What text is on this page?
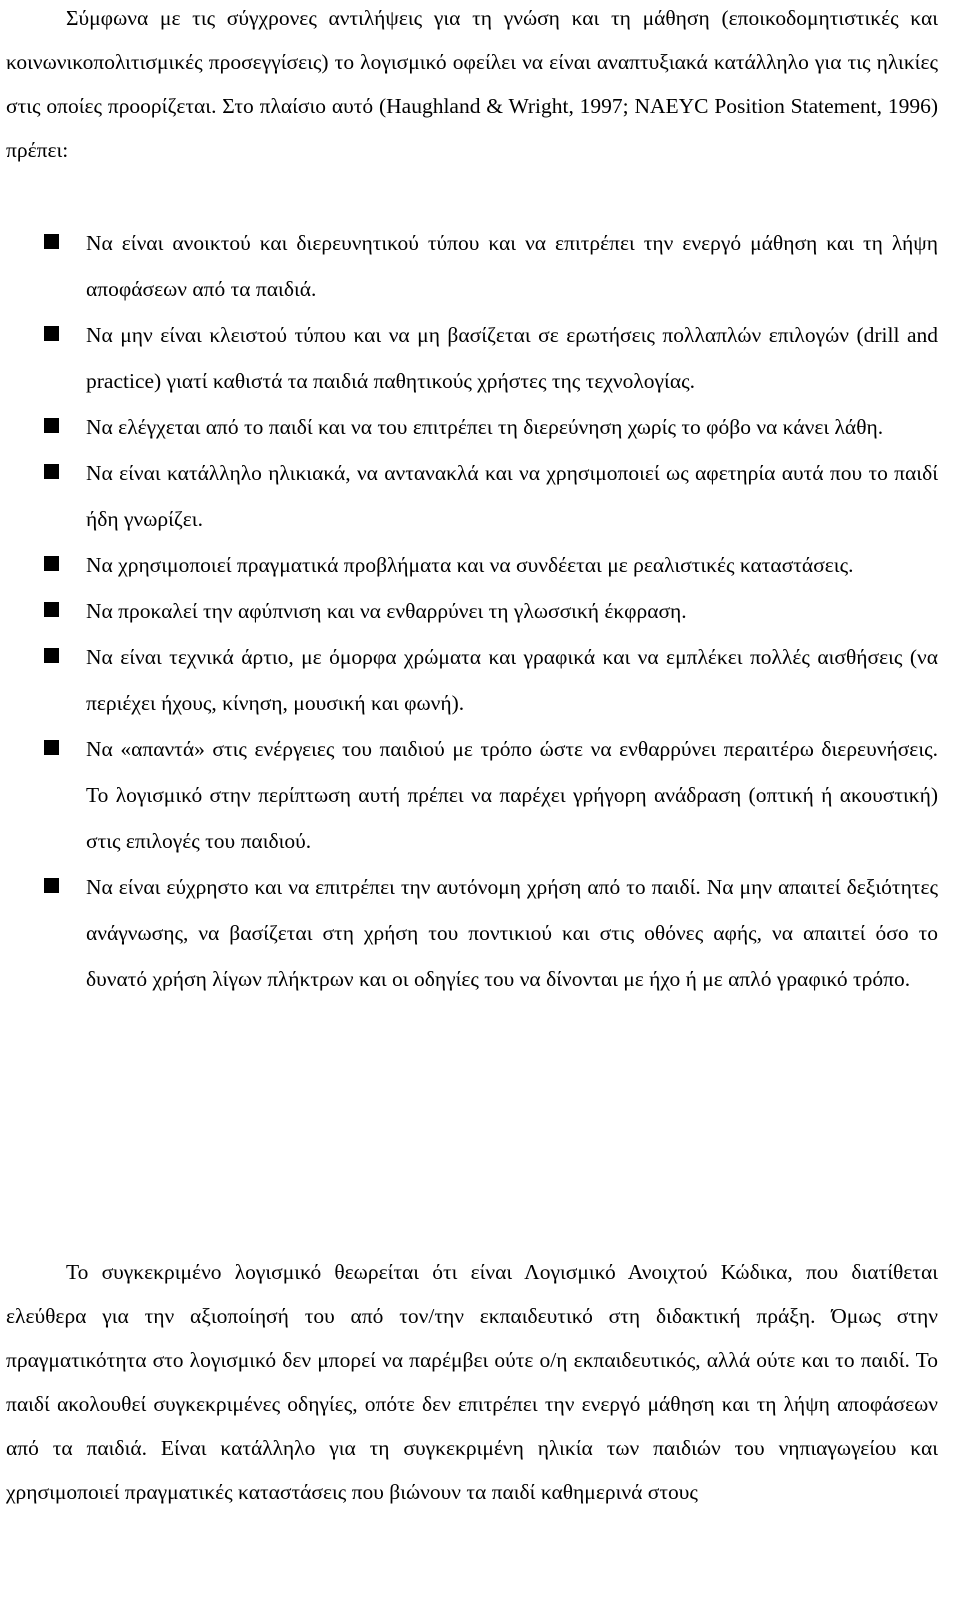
Σύμφωνα με τις σύγχρονες αντιλήψεις για τη γνώση και τη μάθηση (εποικοδομητιστικές και κοινωνικοπολιτισμικές προσεγγίσεις) το λογισμικό οφείλει να είναι αναπτυξιακά κατάλληλο για τις ηλικίες στις οποίες προορίζεται. Στο πλαίσιο αυτό (Haughland & Wright, 1997; NAEYC Position Statement, 1996) πρέπει:

Να είναι ανοικτού και διερευνητικού τύπου και να επιτρέπει την ενεργό μάθηση και τη λήψη αποφάσεων από τα παιδιά.
Να μην είναι κλειστού τύπου και να μη βασίζεται σε ερωτήσεις πολλαπλών επιλογών (drill and practice) γιατί καθιστά τα παιδιά παθητικούς χρήστες της τεχνολογίας.
Να ελέγχεται από το παιδί και να του επιτρέπει τη διερεύνηση χωρίς το φόβο να κάνει λάθη.
Να είναι κατάλληλο ηλικιακά, να αντανακλά και να χρησιμοποιεί ως αφετηρία αυτά που το παιδί ήδη γνωρίζει.
Να χρησιμοποιεί πραγματικά προβλήματα και να συνδέεται με ρεαλιστικές καταστάσεις.
Να προκαλεί την αφύπνιση και να ενθαρρύνει τη γλωσσική έκφραση.
Να είναι τεχνικά άρτιο, με όμορφα χρώματα και γραφικά και να εμπλέκει πολλές αισθήσεις (να περιέχει ήχους, κίνηση, μουσική και φωνή).
Να «απαντά» στις ενέργειες του παιδιού με τρόπο ώστε να ενθαρρύνει περαιτέρω διερευνήσεις. Το λογισμικό στην περίπτωση αυτή πρέπει να παρέχει γρήγορη ανάδραση (οπτική ή ακουστική) στις επιλογές του παιδιού.
Να είναι εύχρηστο και να επιτρέπει την αυτόνομη χρήση από το παιδί. Να μην απαιτεί δεξιότητες ανάγνωσης, να βασίζεται στη χρήση του ποντικιού και στις οθόνες αφής, να απαιτεί όσο το δυνατό χρήση λίγων πλήκτρων και οι οδηγίες του να δίνονται με ήχο ή με απλό γραφικό τρόπο.

Το συγκεκριμένο λογισμικό θεωρείται ότι είναι Λογισμικό Ανοιχτού Κώδικα, που διατίθεται ελεύθερα για την αξιοποίησή του από τον/την εκπαιδευτικό στη διδακτική πράξη. Όμως στην πραγματικότητα στο λογισμικό δεν μπορεί να παρέμβει ούτε ο/η εκπαιδευτικός, αλλά ούτε και το παιδί. Το παιδί ακολουθεί συγκεκριμένες οδηγίες, οπότε δεν επιτρέπει την ενεργό μάθηση και τη λήψη αποφάσεων από τα παιδιά. Είναι κατάλληλο για τη συγκεκριμένη ηλικία των παιδιών του νηπιαγωγείου και χρησιμοποιεί πραγματικές καταστάσεις που βιώνουν τα παιδί καθημερινά στους
